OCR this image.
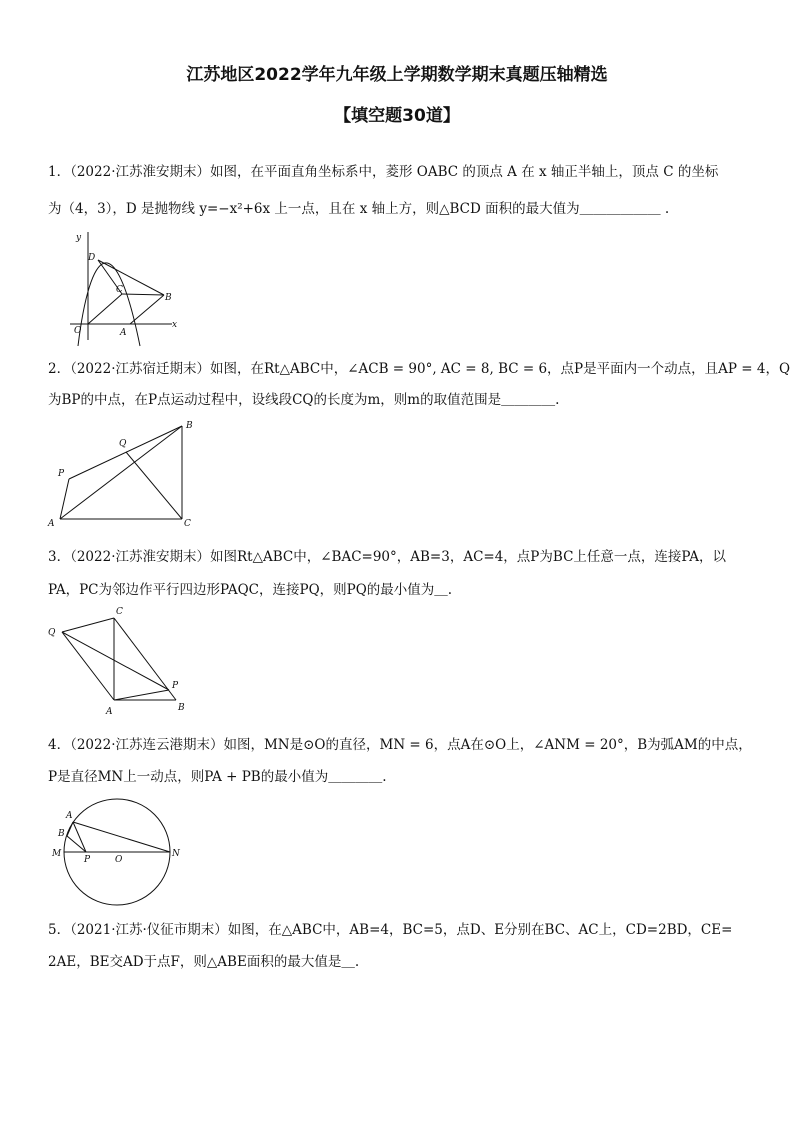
江苏地区2022学年九年级上学期数学期末真题压轴精选
【填空题30道】
1．（2022·江苏淮安期末）如图，在平面直角坐标系中，菱形 OABC 的顶点 A 在 x 轴正半轴上，顶点 C 的坐标
为（4，3），D 是抛物线 y=−x²+6x 上一点，且在 x 轴上方，则△BCD 面积的最大值为＿＿＿＿＿＿ .
y
D
C
B
O	A
x
2．（2022·江苏宿迁期末）如图，在Rt△ABC中，∠ACB = 90°, AC = 8, BC = 6，点P是平面内一个动点，且AP = 4，Q
为BP的中点，在P点运动过程中，设线段CQ的长度为m，则m的取值范围是＿＿＿＿.
B
Q
P
A	C
3．（2022·江苏淮安期末）如图Rt△ABC中，∠BAC=90°，AB=3，AC=4，点P为BC上任意一点，连接PA，以
PA，PC为邻边作平行四边形PAQC，连接PQ，则PQ的最小值为＿.
C
Q
P
A	B
4．（2022·江苏连云港期末）如图，MN是⊙O的直径，MN = 6，点A在⊙O上，∠ANM = 20°，B为弧AM的中点，
P是直径MN上一动点，则PA + PB的最小值为＿＿＿＿.
A
B
M
P	O
N
5．（2021·江苏·仪征市期末）如图，在△ABC中，AB=4，BC=5，点D、E分别在BC、AC上，CD=2BD，CE=
2AE，BE交AD于点F，则△ABE面积的最大值是＿.
